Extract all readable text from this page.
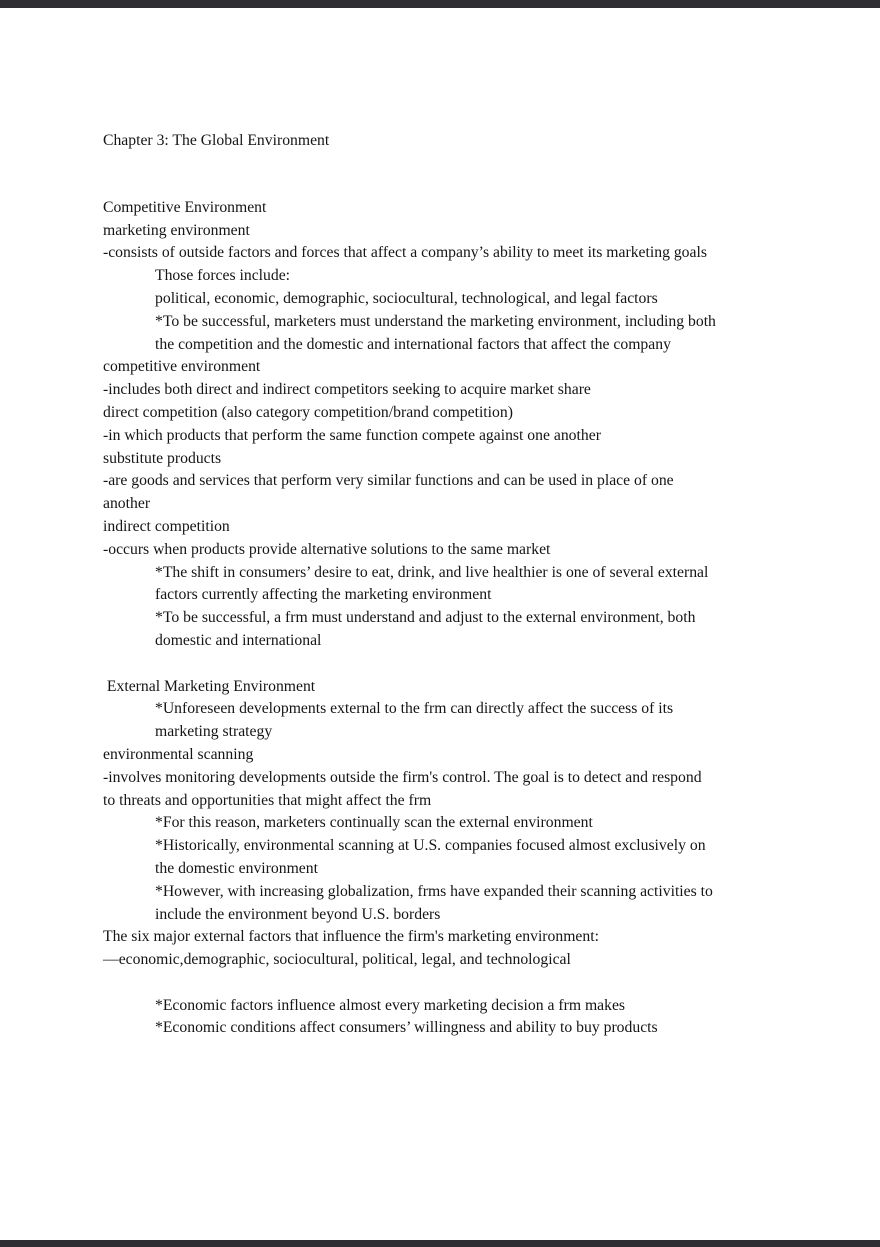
Chapter 3: The Global Environment
Competitive Environment
marketing environment
-consists of outside factors and forces that affect a company’s ability to meet its marketing goals
Those forces include:
political, economic, demographic, sociocultural, technological, and legal factors
*To be successful, marketers must understand the marketing environment, including both
the competition and the domestic and international factors that affect the company
competitive environment
-includes both direct and indirect competitors seeking to acquire market share
direct competition (also category competition/brand competition)
-in which products that perform the same function compete against one another
substitute products
-are goods and services that perform very similar functions and can be used in place of one
another
indirect competition
-occurs when products provide alternative solutions to the same market
*The shift in consumers’ desire to eat, drink, and live healthier is one of several external
factors currently affecting the marketing environment
*To be successful, a frm must understand and adjust to the external environment, both
domestic and international

External Marketing Environment
*Unforeseen developments external to the frm can directly affect the success of its
marketing strategy
environmental scanning
-involves monitoring developments outside the firm's control. The goal is to detect and respond
to threats and opportunities that might affect the frm
*For this reason, marketers continually scan the external environment
*Historically, environmental scanning at U.S. companies focused almost exclusively on
the domestic environment
*However, with increasing globalization, frms have expanded their scanning activities to
include the environment beyond U.S. borders
The six major external factors that influence the firm's marketing environment:
—economic,demographic, sociocultural, political, legal, and technological

*Economic factors influence almost every marketing decision a frm makes
*Economic conditions affect consumers’ willingness and ability to buy products
